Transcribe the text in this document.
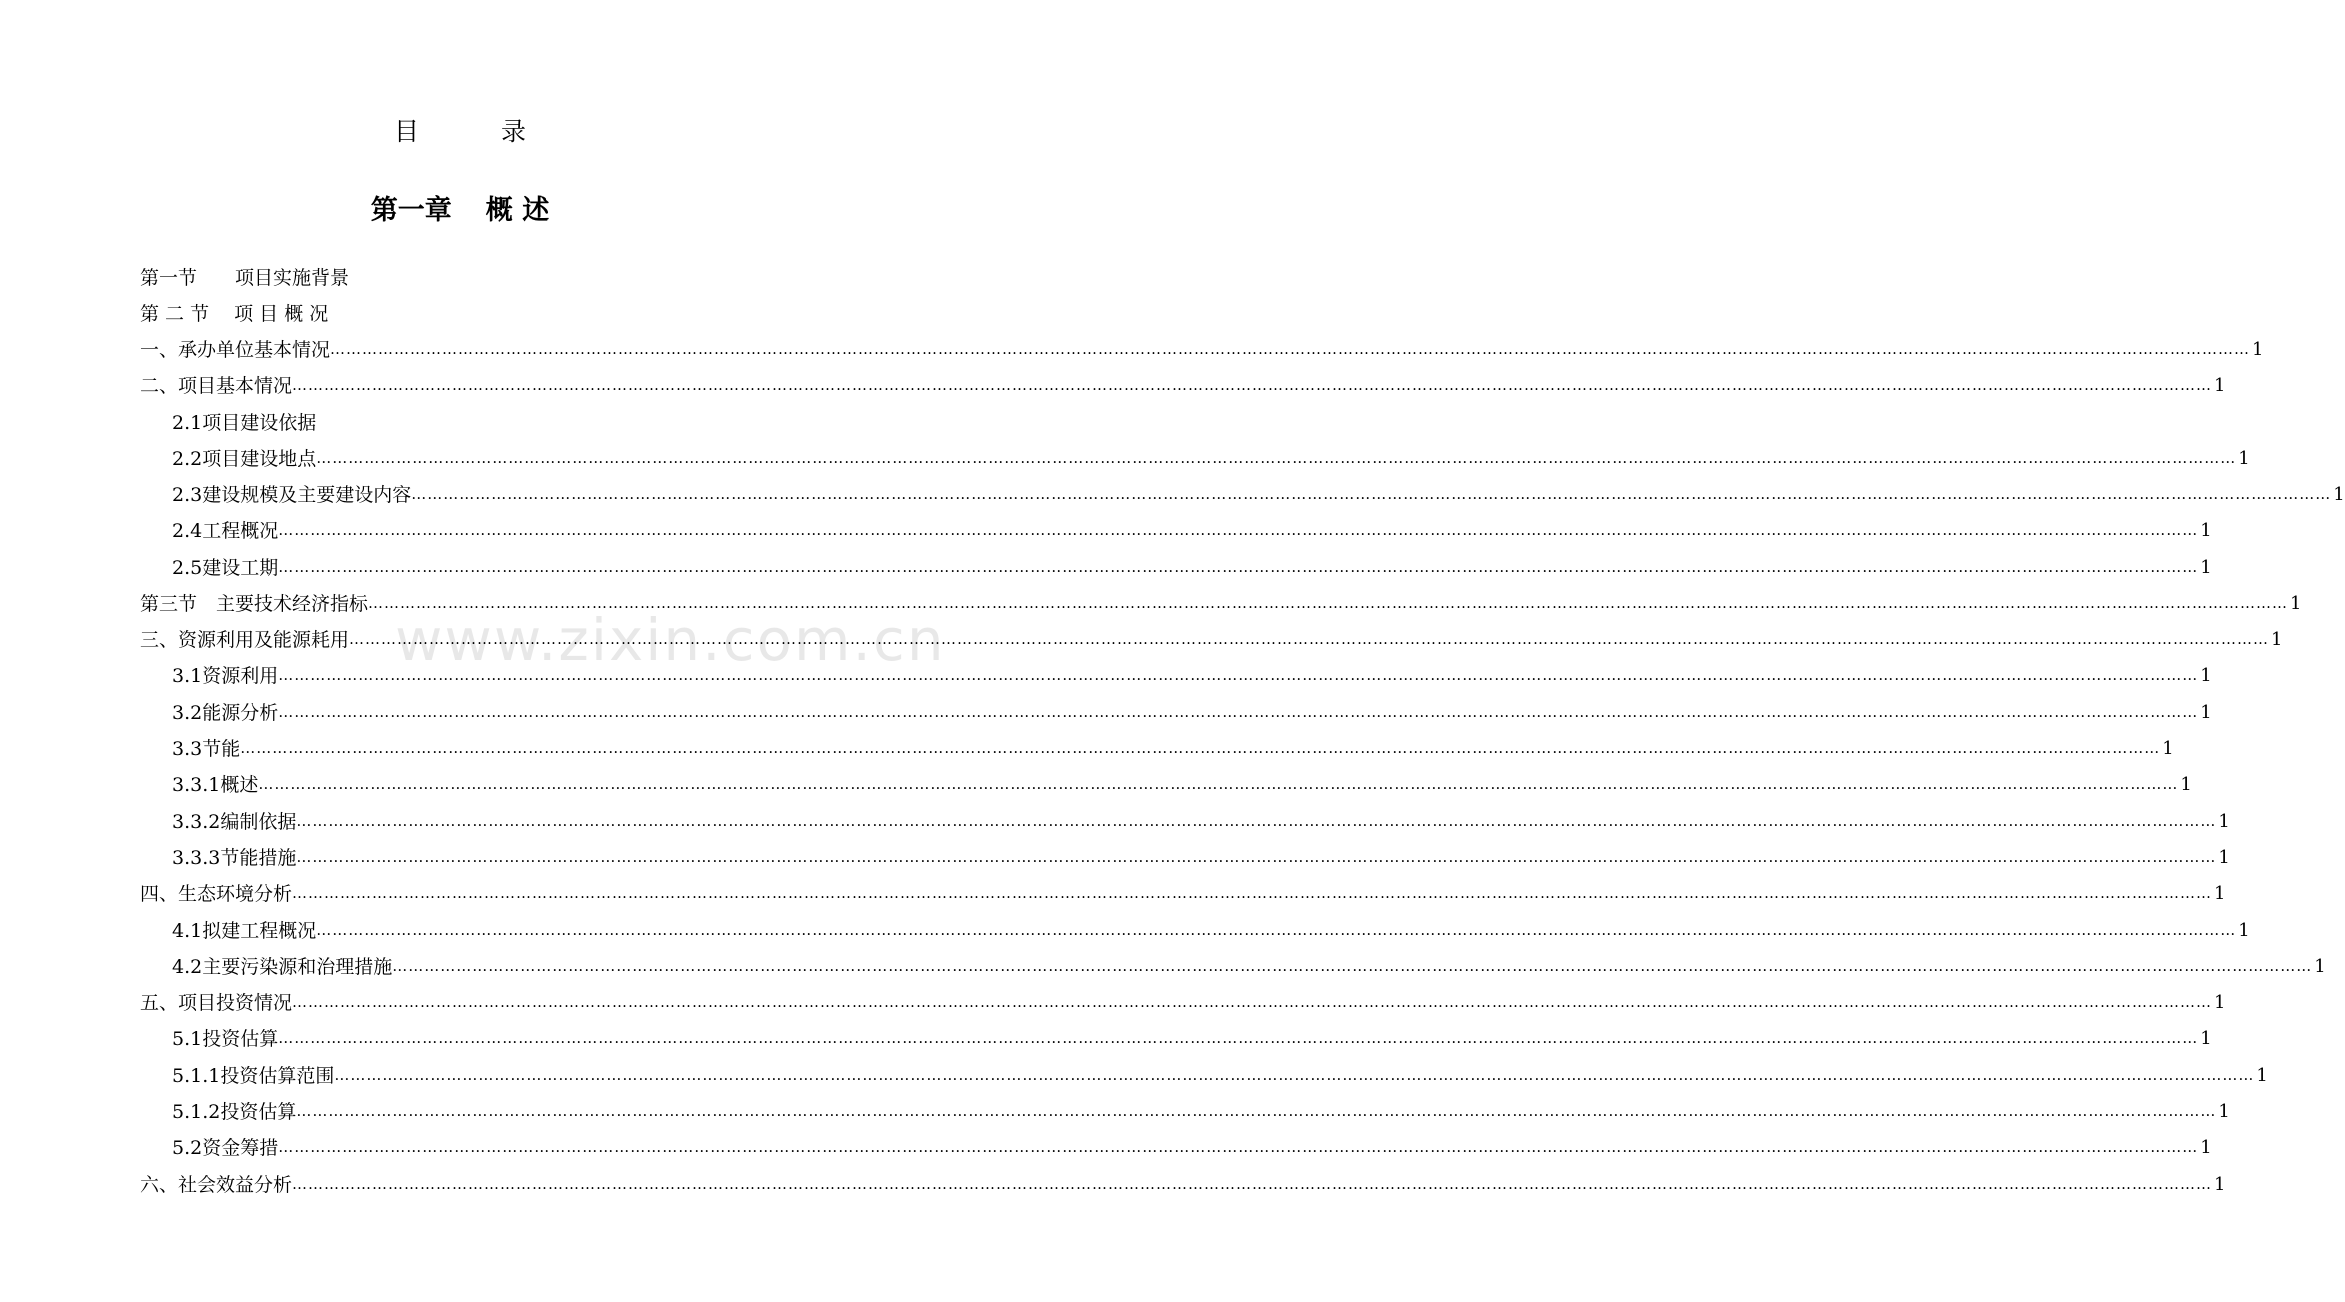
目	录
第一章 概 述
第一节　　项目实施背景
第 二 节　 项 目 概 况
一、承办单位基本情况 ……………………………………………………………………………………………………………………………………………………………………………………………………………………………………………………………………………………………………………………………… 1
二、项目基本情况 ……………………………………………………………………………………………………………………………………………………………………………………………………………………………………………………………………………………………………………………………… 1
2.1项目建设依据
2.2项目建设地点 ……………………………………………………………………………………………………………………………………………………………………………………………………………………………………………………………………………………………………………………………… 1
2.3建设规模及主要建设内容 ……………………………………………………………………………………………………………………………………………………………………………………………………………………………………………………………………………………………………………………………… 1
2.4工程概况 ……………………………………………………………………………………………………………………………………………………………………………………………………………………………………………………………………………………………………………………………… 1
2.5建设工期 ……………………………………………………………………………………………………………………………………………………………………………………………………………………………………………………………………………………………………………………………… 1
第三节　主要技术经济指标 ……………………………………………………………………………………………………………………………………………………………………………………………………………………………………………………………………………………………………………………………… 1
三、资源利用及能源耗用 ……………………………………………………………………………………………………………………………………………………………………………………………………………………………………………………………………………………………………………………………… 1
3.1资源利用 ……………………………………………………………………………………………………………………………………………………………………………………………………………………………………………………………………………………………………………………………… 1
3.2能源分析 ……………………………………………………………………………………………………………………………………………………………………………………………………………………………………………………………………………………………………………………………… 1
3.3节能 ……………………………………………………………………………………………………………………………………………………………………………………………………………………………………………………………………………………………………………………………… 1
3.3.1概述 ……………………………………………………………………………………………………………………………………………………………………………………………………………………………………………………………………………………………………………………………… 1
3.3.2编制依据 ……………………………………………………………………………………………………………………………………………………………………………………………………………………………………………………………………………………………………………………………… 1
3.3.3节能措施 ……………………………………………………………………………………………………………………………………………………………………………………………………………………………………………………………………………………………………………………………… 1
四、生态环境分析 ……………………………………………………………………………………………………………………………………………………………………………………………………………………………………………………………………………………………………………………………… 1
4.1拟建工程概况 ……………………………………………………………………………………………………………………………………………………………………………………………………………………………………………………………………………………………………………………………… 1
4.2主要污染源和治理措施 ……………………………………………………………………………………………………………………………………………………………………………………………………………………………………………………………………………………………………………………………… 1
五、项目投资情况 ……………………………………………………………………………………………………………………………………………………………………………………………………………………………………………………………………………………………………………………………… 1
5.1投资估算 ……………………………………………………………………………………………………………………………………………………………………………………………………………………………………………………………………………………………………………………………… 1
5.1.1投资估算范围 ……………………………………………………………………………………………………………………………………………………………………………………………………………………………………………………………………………………………………………………………… 1
5.1.2投资估算 ……………………………………………………………………………………………………………………………………………………………………………………………………………………………………………………………………………………………………………………………… 1
5.2资金筹措 ……………………………………………………………………………………………………………………………………………………………………………………………………………………………………………………………………………………………………………………………… 1
六、社会效益分析 ……………………………………………………………………………………………………………………………………………………………………………………………………………………………………………………………………………………………………………………………… 1
www.zixin.com.cn
